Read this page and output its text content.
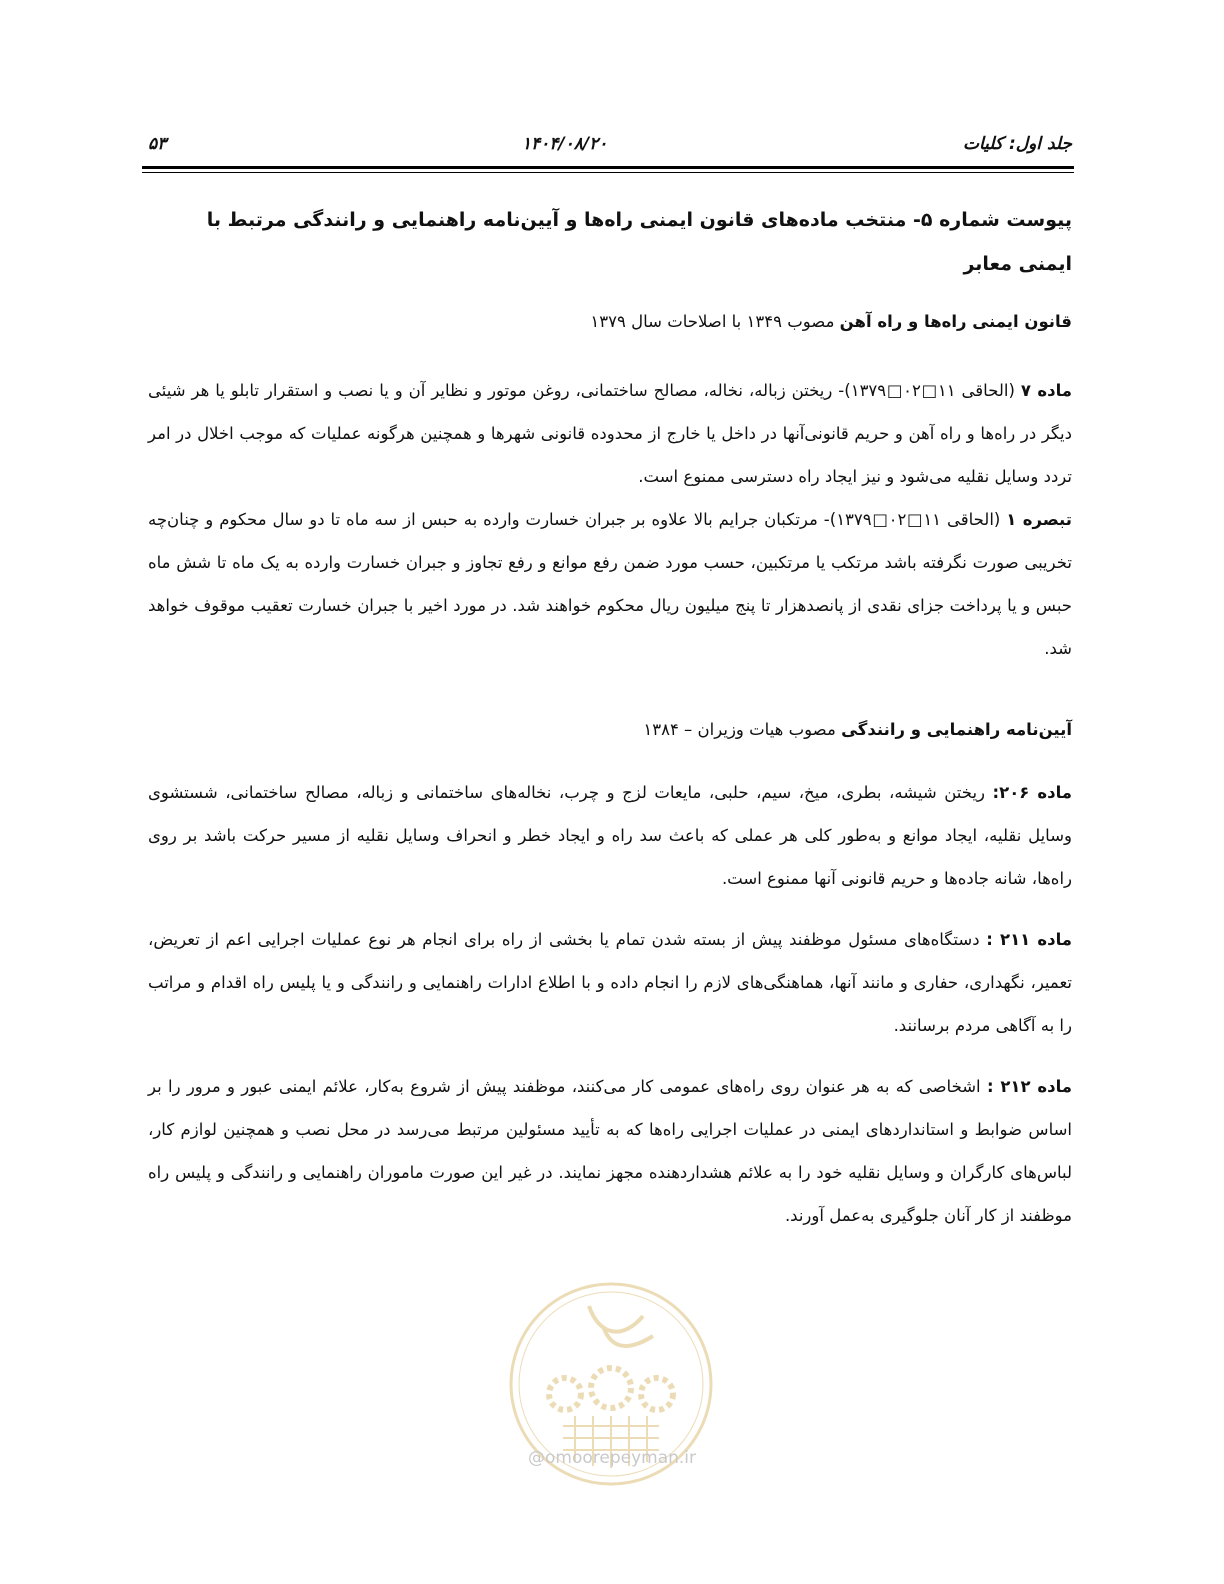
۵۳	۱۴۰۴/۰۸/۲۰	جلد اول: کلیات

پیوست شماره ۵- منتخب ماده‌های قانون ایمنی راه‌ها و آیین‌نامه راهنمایی و رانندگی مرتبط با ایمنی معابر

قانون ایمنی راه‌ها و راه آهن مصوب ۱۳۴۹ با اصلاحات سال ۱۳۷۹

ماده ۷ (الحاقی ۱۱□۰۲□۱۳۷۹)- ریختن زباله، نخاله، مصالح ساختمانی، روغن موتور و نظایر آن و یا نصب و استقرار تابلو یا هر شیئی دیگر در راه‌ها و راه آهن و حریم قانونی‌آنها در داخل یا خارج از محدوده قانونی شهرها و همچنین هرگونه عملیات که موجب اخلال در امر تردد وسایل نقلیه می‌شود و نیز ایجاد راه دسترسی ممنوع است.

تبصره ۱ (الحاقی ۱۱□۰۲□۱۳۷۹)- مرتکبان جرایم بالا علاوه بر جبران خسارت وارده به حبس از سه ماه تا دو سال محکوم و چنان‌چه تخریبی صورت نگرفته باشد مرتکب یا مرتکبین، حسب مورد ضمن رفع موانع و رفع تجاوز و جبران خسارت وارده به یک ماه تا شش ماه حبس و یا پرداخت جزای نقدی از پانصدهزار تا پنج میلیون ریال محکوم خواهند شد. در مورد اخیر با جبران خسارت تعقیب موقوف خواهد شد.

آیین‌نامه راهنمایی و رانندگی مصوب هیات وزیران – ۱۳۸۴

ماده ۲۰۶: ریختن شیشه، بطری، میخ، سیم، حلبی، مایعات لزج و چرب، نخاله‌های ساختمانی و زباله، مصالح ساختمانی، شستشوی وسایل نقلیه، ایجاد موانع و به‌طور کلی هر عملی که باعث سد راه و ایجاد خطر و انحراف وسایل نقلیه از مسیر حرکت باشد بر روی راه‌ها، شانه جاده‌ها و حریم قانونی آنها ممنوع است.

ماده ۲۱۱ : دستگاه‌های مسئول موظفند پیش از بسته شدن تمام یا بخشی از راه برای انجام هر نوع عملیات اجرایی اعم از تعریض، تعمیر، نگهداری، حفاری و مانند آنها، هماهنگی‌های لازم را انجام داده و با اطلاع ادارات راهنمایی و رانندگی و یا پلیس راه اقدام و مراتب را به آگاهی مردم برسانند.

ماده ۲۱۲ : اشخاصی که به هر عنوان روی راه‌های عمومی کار می‌کنند، موظفند پیش از شروع به‌کار، علائم ایمنی عبور و مرور را بر اساس ضوابط و استانداردهای ایمنی در عملیات اجرایی راه‌ها که به تأیید مسئولین مرتبط می‌رسد در محل نصب و همچنین لوازم کار، لباس‌های کارگران و وسایل نقلیه خود را به علائم هشداردهنده مجهز نمایند. در غیر این صورت ماموران راهنمایی و رانندگی و پلیس راه موظفند از کار آنان جلوگیری به‌عمل آورند.

@omoorepeyman.ir
